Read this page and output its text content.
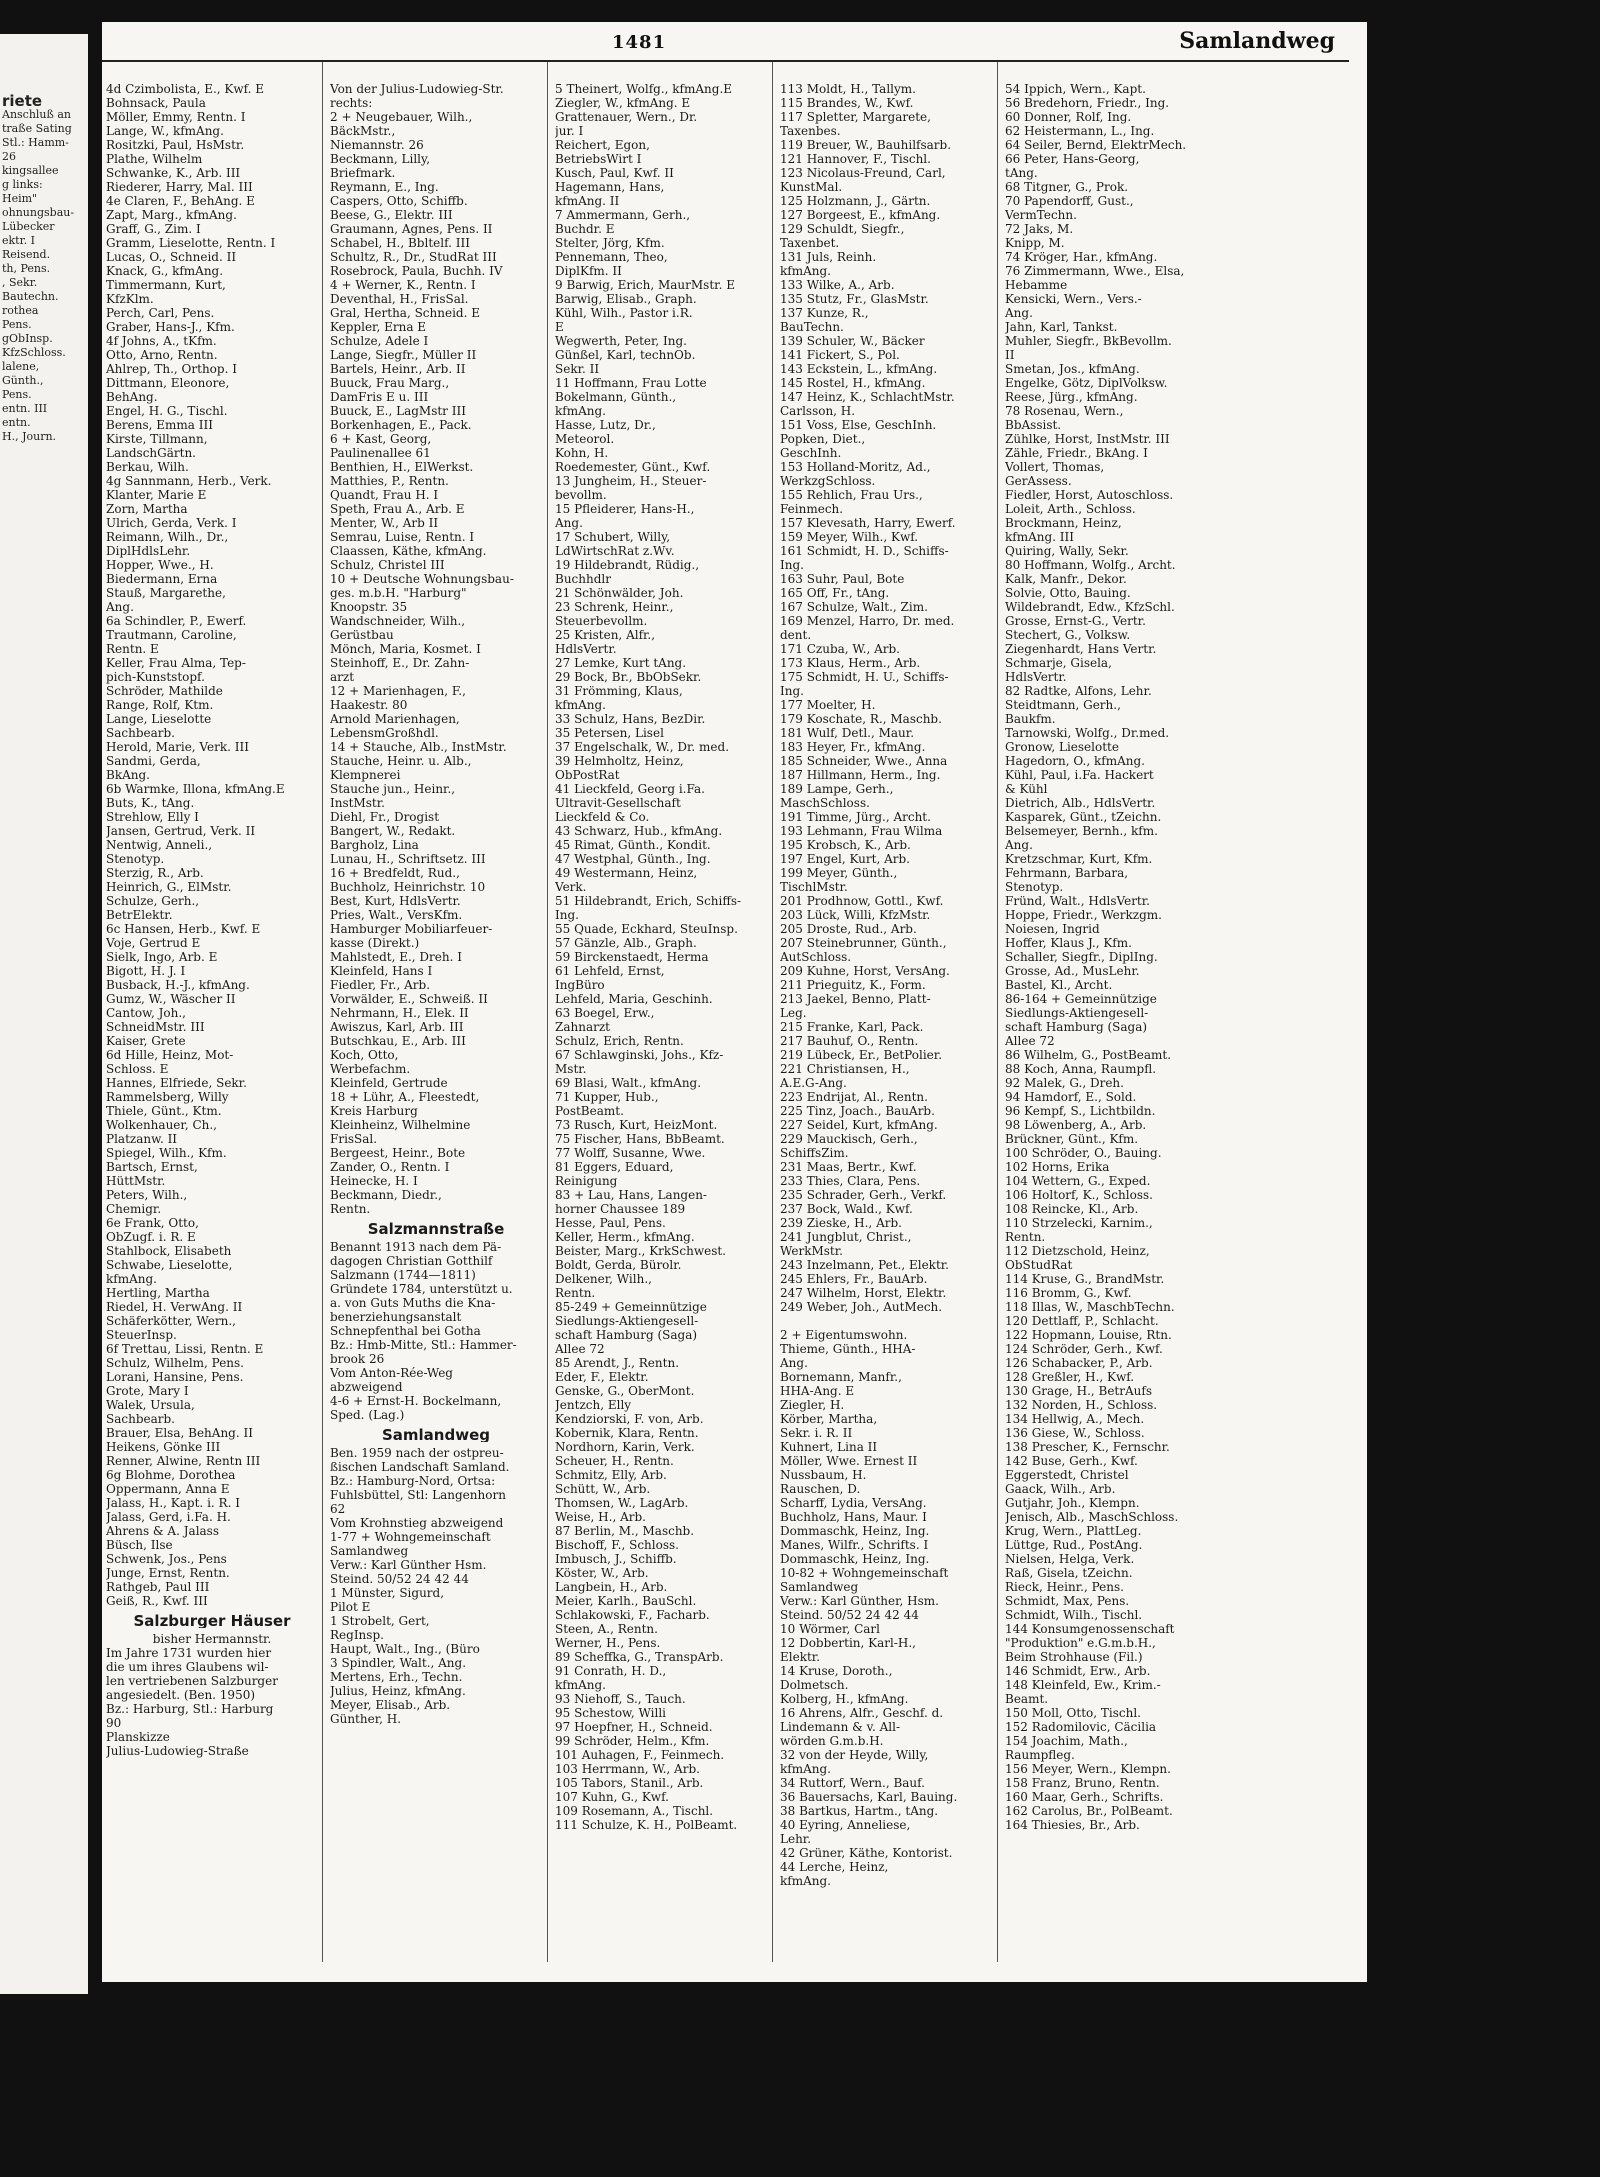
riete
Anschluß an
traße Sating
Stl.: Hamm-
26
kingsallee
g links:
Heim"
ohnungsbau-
Lübecker
ektr. I
Reisend.
th, Pens.
, Sekr.
Bautechn.
rothea
Pens.
gObInsp.
KfzSchloss.
lalene,
Günth.,
Pens.
entn. III
entn.
H., Journ.
1481	Samlandweg
4d Czimbolista, E., Kwf. E
Bohnsack, Paula
Möller, Emmy, Rentn. I
Lange, W., kfmAng.
Rositzki, Paul, HsMstr.
Plathe, Wilhelm
Schwanke, K., Arb. III
Riederer, Harry, Mal. III
4e Claren, F., BehAng. E
Zapt, Marg., kfmAng.
Graff, G., Zim. I
Gramm, Lieselotte, Rentn. I
Lucas, O., Schneid. II
Knack, G., kfmAng.
Timmermann, Kurt,
KfzKlm.
Perch, Carl, Pens.
Graber, Hans-J., Kfm.
4f Johns, A., tKfm.
Otto, Arno, Rentn.
Ahlrep, Th., Orthop. I
Dittmann, Eleonore,
BehAng.
Engel, H. G., Tischl.
Berens, Emma III
Kirste, Tillmann,
LandschGärtn.
Berkau, Wilh.
4g Sannmann, Herb., Verk.
Klanter, Marie E
Zorn, Martha
Ulrich, Gerda, Verk. I
Reimann, Wilh., Dr.,
DiplHdlsLehr.
Hopper, Wwe., H.
Biedermann, Erna
Stauß, Margarethe,
Ang.
6a Schindler, P., Ewerf.
Trautmann, Caroline,
Rentn. E
Keller, Frau Alma, Tep-
pich-Kunststopf.
Schröder, Mathilde
Range, Rolf, Ktm.
Lange, Lieselotte
Sachbearb.
Herold, Marie, Verk. III
Sandmi, Gerda,
BkAng.
6b Warmke, Illona, kfmAng.E
Buts, K., tAng.
Strehlow, Elly I
Jansen, Gertrud, Verk. II
Nentwig, Anneli.,
Stenotyp.
Sterzig, R., Arb.
Heinrich, G., ElMstr.
Schulze, Gerh.,
BetrElektr.
6c Hansen, Herb., Kwf. E
Voje, Gertrud E
Sielk, Ingo, Arb. E
Bigott, H. J. I
Busback, H.-J., kfmAng.
Gumz, W., Wäscher II
Cantow, Joh.,
SchneidMstr. III
Kaiser, Grete
6d Hille, Heinz, Mot-
Schloss. E
Hannes, Elfriede, Sekr.
Rammelsberg, Willy
Thiele, Günt., Ktm.
Wolkenhauer, Ch.,
Platzanw. II
Spiegel, Wilh., Kfm.
Bartsch, Ernst,
HüttMstr.
Peters, Wilh.,
Chemigr.
6e Frank, Otto,
ObZugf. i. R. E
Stahlbock, Elisabeth
Schwabe, Lieselotte,
kfmAng.
Hertling, Martha
Riedel, H. VerwAng. II
Schäferkötter, Wern.,
SteuerInsp.
6f Trettau, Lissi, Rentn. E
Schulz, Wilhelm, Pens.
Lorani, Hansine, Pens.
Grote, Mary I
Walek, Ursula,
Sachbearb.
Brauer, Elsa, BehAng. II
Heikens, Gönke III
Renner, Alwine, Rentn III
6g Blohme, Dorothea
Oppermann, Anna E
Jalass, H., Kapt. i. R. I
Jalass, Gerd, i.Fa. H.
Ahrens & A. Jalass
Büsch, Ilse
Schwenk, Jos., Pens
Junge, Ernst, Rentn.
Rathgeb, Paul III
Geiß, R., Kwf. III
Salzburger Häuser
bisher Hermannstr.
Im Jahre 1731 wurden hier
die um ihres Glaubens wil-
len vertriebenen Salzburger
angesiedelt. (Ben. 1950)
Bz.: Harburg, Stl.: Harburg
90
Planskizze
Julius-Ludowieg-Straße
Von der Julius-Ludowieg-Str.
rechts:
2 + Neugebauer, Wilh.,
BäckMstr.,
Niemannstr. 26
Beckmann, Lilly,
Briefmark.
Reymann, E., Ing.
Caspers, Otto, Schiffb.
Beese, G., Elektr. III
Graumann, Agnes, Pens. II
Schabel, H., Bbltelf. III
Schultz, R., Dr., StudRat III
Rosebrock, Paula, Buchh. IV
4 + Werner, K., Rentn. I
Deventhal, H., FrisSal.
Gral, Hertha, Schneid. E
Keppler, Erna E
Schulze, Adele I
Lange, Siegfr., Müller II
Bartels, Heinr., Arb. II
Buuck, Frau Marg.,
DamFris E u. III
Buuck, E., LagMstr III
Borkenhagen, E., Pack.
6 + Kast, Georg,
Paulinenallee 61
Benthien, H., ElWerkst.
Matthies, P., Rentn.
Quandt, Frau H. I
Speth, Frau A., Arb. E
Menter, W., Arb II
Semrau, Luise, Rentn. I
Claassen, Käthe, kfmAng.
Schulz, Christel III
10 + Deutsche Wohnungsbau-
ges. m.b.H. "Harburg"
Knoopstr. 35
Wandschneider, Wilh.,
Gerüstbau
Mönch, Maria, Kosmet. I
Steinhoff, E., Dr. Zahn-
arzt
12 + Marienhagen, F.,
Haakestr. 80
Arnold Marienhagen,
LebensmGroßhdl.
14 + Stauche, Alb., InstMstr.
Stauche, Heinr. u. Alb.,
Klempnerei
Stauche jun., Heinr.,
InstMstr.
Diehl, Fr., Drogist
Bangert, W., Redakt.
Bargholz, Lina
Lunau, H., Schriftsetz. III
16 + Bredfeldt, Rud.,
Buchholz, Heinrichstr. 10
Best, Kurt, HdlsVertr.
Pries, Walt., VersKfm.
Hamburger Mobiliarfeuer-
kasse (Direkt.)
Mahlstedt, E., Dreh. I
Kleinfeld, Hans I
Fiedler, Fr., Arb.
Vorwälder, E., Schweiß. II
Nehrmann, H., Elek. II
Awiszus, Karl, Arb. III
Butschkau, E., Arb. III
Koch, Otto,
Werbefachm.
Kleinfeld, Gertrude
18 + Lühr, A., Fleestedt,
Kreis Harburg
Kleinheinz, Wilhelmine
FrisSal.
Bergeest, Heinr., Bote
Zander, O., Rentn. I
Heinecke, H. I
Beckmann, Diedr.,
Rentn.
Salzmannstraße
Benannt 1913 nach dem Pä-
dagogen Christian Gotthilf
Salzmann (1744—1811)
Gründete 1784, unterstützt u.
a. von Guts Muths die Kna-
benerziehungsanstalt
Schnepfenthal bei Gotha
Bz.: Hmb-Mitte, Stl.: Hammer-
brook 26
Vom Anton-Rée-Weg
abzweigend
4-6 + Ernst-H. Bockelmann,
Sped. (Lag.)
Samlandweg
Ben. 1959 nach der ostpreu-
ßischen Landschaft Samland.
Bz.: Hamburg-Nord, Ortsa:
Fuhlsbüttel, Stl: Langenhorn
62
Vom Krohnstieg abzweigend
1-77 + Wohngemeinschaft
Samlandweg
Verw.: Karl Günther Hsm.
Steind. 50/52 24 42 44
1 Münster, Sigurd,
Pilot E
1 Strobelt, Gert,
RegInsp.
Haupt, Walt., Ing., (Büro
3 Spindler, Walt., Ang.
Mertens, Erh., Techn.
Julius, Heinz, kfmAng.
Meyer, Elisab., Arb.
Günther, H.
5 Theinert, Wolfg., kfmAng.E
Ziegler, W., kfmAng. E
Grattenauer, Wern., Dr.
jur. I
Reichert, Egon,
BetriebsWirt I
Kusch, Paul, Kwf. II
Hagemann, Hans,
kfmAng. II
7 Ammermann, Gerh.,
Buchdr. E
Stelter, Jörg, Kfm.
Pennemann, Theo,
DiplKfm. II
9 Barwig, Erich, MaurMstr. E
Barwig, Elisab., Graph.
Kühl, Wilh., Pastor i.R.
E
Wegwerth, Peter, Ing.
Günßel, Karl, technOb.
Sekr. II
11 Hoffmann, Frau Lotte
Bokelmann, Günth.,
kfmAng.
Hasse, Lutz, Dr.,
Meteorol.
Kohn, H.
Roedemester, Günt., Kwf.
13 Jungheim, H., Steuer-
bevollm.
15 Pfleiderer, Hans-H.,
Ang.
17 Schubert, Willy,
LdWirtschRat z.Wv.
19 Hildebrandt, Rüdig.,
Buchhdlr
21 Schönwälder, Joh.
23 Schrenk, Heinr.,
Steuerbevollm.
25 Kristen, Alfr.,
HdlsVertr.
27 Lemke, Kurt tAng.
29 Bock, Br., BbObSekr.
31 Frömming, Klaus,
kfmAng.
33 Schulz, Hans, BezDir.
35 Petersen, Lisel
37 Engelschalk, W., Dr. med.
39 Helmholtz, Heinz,
ObPostRat
41 Lieckfeld, Georg i.Fa.
Ultravit-Gesellschaft
Lieckfeld & Co.
43 Schwarz, Hub., kfmAng.
45 Rimat, Günth., Kondit.
47 Westphal, Günth., Ing.
49 Westermann, Heinz,
Verk.
51 Hildebrandt, Erich, Schiffs-
Ing.
55 Quade, Eckhard, SteuInsp.
57 Gänzle, Alb., Graph.
59 Birckenstaedt, Herma
61 Lehfeld, Ernst,
IngBüro
Lehfeld, Maria, Geschinh.
63 Boegel, Erw.,
Zahnarzt
Schulz, Erich, Rentn.
67 Schlawginski, Johs., Kfz-
Mstr.
69 Blasi, Walt., kfmAng.
71 Kupper, Hub.,
PostBeamt.
73 Rusch, Kurt, HeizMont.
75 Fischer, Hans, BbBeamt.
77 Wolff, Susanne, Wwe.
81 Eggers, Eduard,
Reinigung
83 + Lau, Hans, Langen-
horner Chaussee 189
Hesse, Paul, Pens.
Keller, Herm., kfmAng.
Beister, Marg., KrkSchwest.
Boldt, Gerda, Bürolr.
Delkener, Wilh.,
Rentn.
85-249 + Gemeinnützige
Siedlungs-Aktiengesell-
schaft Hamburg (Saga)
Allee 72
85 Arendt, J., Rentn.
Eder, F., Elektr.
Genske, G., OberMont.
Jentzch, Elly
Kendziorski, F. von, Arb.
Kobernik, Klara, Rentn.
Nordhorn, Karin, Verk.
Scheuer, H., Rentn.
Schmitz, Elly, Arb.
Schütt, W., Arb.
Thomsen, W., LagArb.
Weise, H., Arb.
87 Berlin, M., Maschb.
Bischoff, F., Schloss.
Imbusch, J., Schiffb.
Köster, W., Arb.
Langbein, H., Arb.
Meier, Karlh., BauSchl.
Schlakowski, F., Facharb.
Steen, A., Rentn.
Werner, H., Pens.
89 Scheffka, G., TranspArb.
91 Conrath, H. D.,
kfmAng.
93 Niehoff, S., Tauch.
95 Schestow, Willi
97 Hoepfner, H., Schneid.
99 Schröder, Helm., Kfm.
101 Auhagen, F., Feinmech.
103 Herrmann, W., Arb.
105 Tabors, Stanil., Arb.
107 Kuhn, G., Kwf.
109 Rosemann, A., Tischl.
111 Schulze, K. H., PolBeamt.
113 Moldt, H., Tallym.
115 Brandes, W., Kwf.
117 Spletter, Margarete,
Taxenbes.
119 Breuer, W., Bauhilfsarb.
121 Hannover, F., Tischl.
123 Nicolaus-Freund, Carl,
KunstMal.
125 Holzmann, J., Gärtn.
127 Borgeest, E., kfmAng.
129 Schuldt, Siegfr.,
Taxenbet.
131 Juls, Reinh.
kfmAng.
133 Wilke, A., Arb.
135 Stutz, Fr., GlasMstr.
137 Kunze, R.,
BauTechn.
139 Schuler, W., Bäcker
141 Fickert, S., Pol.
143 Eckstein, L., kfmAng.
145 Rostel, H., kfmAng.
147 Heinz, K., SchlachtMstr.
Carlsson, H.
151 Voss, Else, GeschInh.
Popken, Diet.,
GeschInh.
153 Holland-Moritz, Ad.,
WerkzgSchloss.
155 Rehlich, Frau Urs.,
Feinmech.
157 Klevesath, Harry, Ewerf.
159 Meyer, Wilh., Kwf.
161 Schmidt, H. D., Schiffs-
Ing.
163 Suhr, Paul, Bote
165 Off, Fr., tAng.
167 Schulze, Walt., Zim.
169 Menzel, Harro, Dr. med.
dent.
171 Czuba, W., Arb.
173 Klaus, Herm., Arb.
175 Schmidt, H. U., Schiffs-
Ing.
177 Moelter, H.
179 Koschate, R., Maschb.
181 Wulf, Detl., Maur.
183 Heyer, Fr., kfmAng.
185 Schneider, Wwe., Anna
187 Hillmann, Herm., Ing.
189 Lampe, Gerh.,
MaschSchloss.
191 Timme, Jürg., Archt.
193 Lehmann, Frau Wilma
195 Krobsch, K., Arb.
197 Engel, Kurt, Arb.
199 Meyer, Günth.,
TischlMstr.
201 Prodhnow, Gottl., Kwf.
203 Lück, Willi, KfzMstr.
205 Droste, Rud., Arb.
207 Steinebrunner, Günth.,
AutSchloss.
209 Kuhne, Horst, VersAng.
211 Prieguitz, K., Form.
213 Jaekel, Benno, Platt-
Leg.
215 Franke, Karl, Pack.
217 Bauhuf, O., Rentn.
219 Lübeck, Er., BetPolier.
221 Christiansen, H.,
A.E.G-Ang.
223 Endrijat, Al., Rentn.
225 Tinz, Joach., BauArb.
227 Seidel, Kurt, kfmAng.
229 Mauckisch, Gerh.,
SchiffsZim.
231 Maas, Bertr., Kwf.
233 Thies, Clara, Pens.
235 Schrader, Gerh., Verkf.
237 Bock, Wald., Kwf.
239 Zieske, H., Arb.
241 Jungblut, Christ.,
WerkMstr.
243 Inzelmann, Pet., Elektr.
245 Ehlers, Fr., BauArb.
247 Wilhelm, Horst, Elektr.
249 Weber, Joh., AutMech.

2 + Eigentumswohn.
Thieme, Günth., HHA-
Ang.
Bornemann, Manfr.,
HHA-Ang. E
Ziegler, H.
Körber, Martha,
Sekr. i. R. II
Kuhnert, Lina II
Möller, Wwe. Ernest II
Nussbaum, H.
Rauschen, D.
Scharff, Lydia, VersAng.
Buchholz, Hans, Maur. I
Dommaschk, Heinz, Ing.
Manes, Wilfr., Schrifts. I
Dommaschk, Heinz, Ing.
10-82 + Wohngemeinschaft
Samlandweg
Verw.: Karl Günther, Hsm.
Steind. 50/52 24 42 44
10 Wörmer, Carl
12 Dobbertin, Karl-H.,
Elektr.
14 Kruse, Doroth.,
Dolmetsch.
Kolberg, H., kfmAng.
16 Ahrens, Alfr., Geschf. d.
Lindemann & v. All-
wörden G.m.b.H.
32 von der Heyde, Willy,
kfmAng.
34 Ruttorf, Wern., Bauf.
36 Bauersachs, Karl, Bauing.
38 Bartkus, Hartm., tAng.
40 Eyring, Anneliese,
Lehr.
42 Grüner, Käthe, Kontorist.
44 Lerche, Heinz,
kfmAng.
54 Ippich, Wern., Kapt.
56 Bredehorn, Friedr., Ing.
60 Donner, Rolf, Ing.
62 Heistermann, L., Ing.
64 Seiler, Bernd, ElektrMech.
66 Peter, Hans-Georg,
tAng.
68 Titgner, G., Prok.
70 Papendorff, Gust.,
VermTechn.
72 Jaks, M.
Knipp, M.
74 Kröger, Har., kfmAng.
76 Zimmermann, Wwe., Elsa,
Hebamme
Kensicki, Wern., Vers.-
Ang.
Jahn, Karl, Tankst.
Muhler, Siegfr., BkBevollm.
II
Smetan, Jos., kfmAng.
Engelke, Götz, DiplVolksw.
Reese, Jürg., kfmAng.
78 Rosenau, Wern.,
BbAssist.
Zühlke, Horst, InstMstr. III
Zähle, Friedr., BkAng. I
Vollert, Thomas,
GerAssess.
Fiedler, Horst, Autoschloss.
Loleit, Arth., Schloss.
Brockmann, Heinz,
kfmAng. III
Quiring, Wally, Sekr.
80 Hoffmann, Wolfg., Archt.
Kalk, Manfr., Dekor.
Solvie, Otto, Bauing.
Wildebrandt, Edw., KfzSchl.
Grosse, Ernst-G., Vertr.
Stechert, G., Volksw.
Ziegenhardt, Hans Vertr.
Schmarje, Gisela,
HdlsVertr.
82 Radtke, Alfons, Lehr.
Steidtmann, Gerh.,
Baukfm.
Tarnowski, Wolfg., Dr.med.
Gronow, Lieselotte
Hagedorn, O., kfmAng.
Kühl, Paul, i.Fa. Hackert
& Kühl
Dietrich, Alb., HdlsVertr.
Kasparek, Günt., tZeichn.
Belsemeyer, Bernh., kfm.
Ang.
Kretzschmar, Kurt, Kfm.
Fehrmann, Barbara,
Stenotyp.
Fründ, Walt., HdlsVertr.
Hoppe, Friedr., Werkzgm.
Noiesen, Ingrid
Hoffer, Klaus J., Kfm.
Schaller, Siegfr., DiplIng.
Grosse, Ad., MusLehr.
Bastel, Kl., Archt.
86-164 + Gemeinnützige
Siedlungs-Aktiengesell-
schaft Hamburg (Saga)
Allee 72
86 Wilhelm, G., PostBeamt.
88 Koch, Anna, Raumpfl.
92 Malek, G., Dreh.
94 Hamdorf, E., Sold.
96 Kempf, S., Lichtbildn.
98 Löwenberg, A., Arb.
Brückner, Günt., Kfm.
100 Schröder, O., Bauing.
102 Horns, Erika
104 Wettern, G., Exped.
106 Holtorf, K., Schloss.
108 Reincke, Kl., Arb.
110 Strzelecki, Karnim.,
Rentn.
112 Dietzschold, Heinz,
ObStudRat
114 Kruse, G., BrandMstr.
116 Bromm, G., Kwf.
118 Illas, W., MaschbTechn.
120 Dettlaff, P., Schlacht.
122 Hopmann, Louise, Rtn.
124 Schröder, Gerh., Kwf.
126 Schabacker, P., Arb.
128 Greßler, H., Kwf.
130 Grage, H., BetrAufs
132 Norden, H., Schloss.
134 Hellwig, A., Mech.
136 Giese, W., Schloss.
138 Prescher, K., Fernschr.
142 Buse, Gerh., Kwf.
Eggerstedt, Christel
Gaack, Wilh., Arb.
Gutjahr, Joh., Klempn.
Jenisch, Alb., MaschSchloss.
Krug, Wern., PlattLeg.
Lüttge, Rud., PostAng.
Nielsen, Helga, Verk.
Raß, Gisela, tZeichn.
Rieck, Heinr., Pens.
Schmidt, Max, Pens.
Schmidt, Wilh., Tischl.
144 Konsumgenossenschaft
"Produktion" e.G.m.b.H.,
Beim Strohhause (Fil.)
146 Schmidt, Erw., Arb.
148 Kleinfeld, Ew., Krim.-
Beamt.
150 Moll, Otto, Tischl.
152 Radomilovic, Cäcilia
154 Joachim, Math.,
Raumpfleg.
156 Meyer, Wern., Klempn.
158 Franz, Bruno, Rentn.
160 Maar, Gerh., Schrifts.
162 Carolus, Br., PolBeamt.
164 Thiesies, Br., Arb.
